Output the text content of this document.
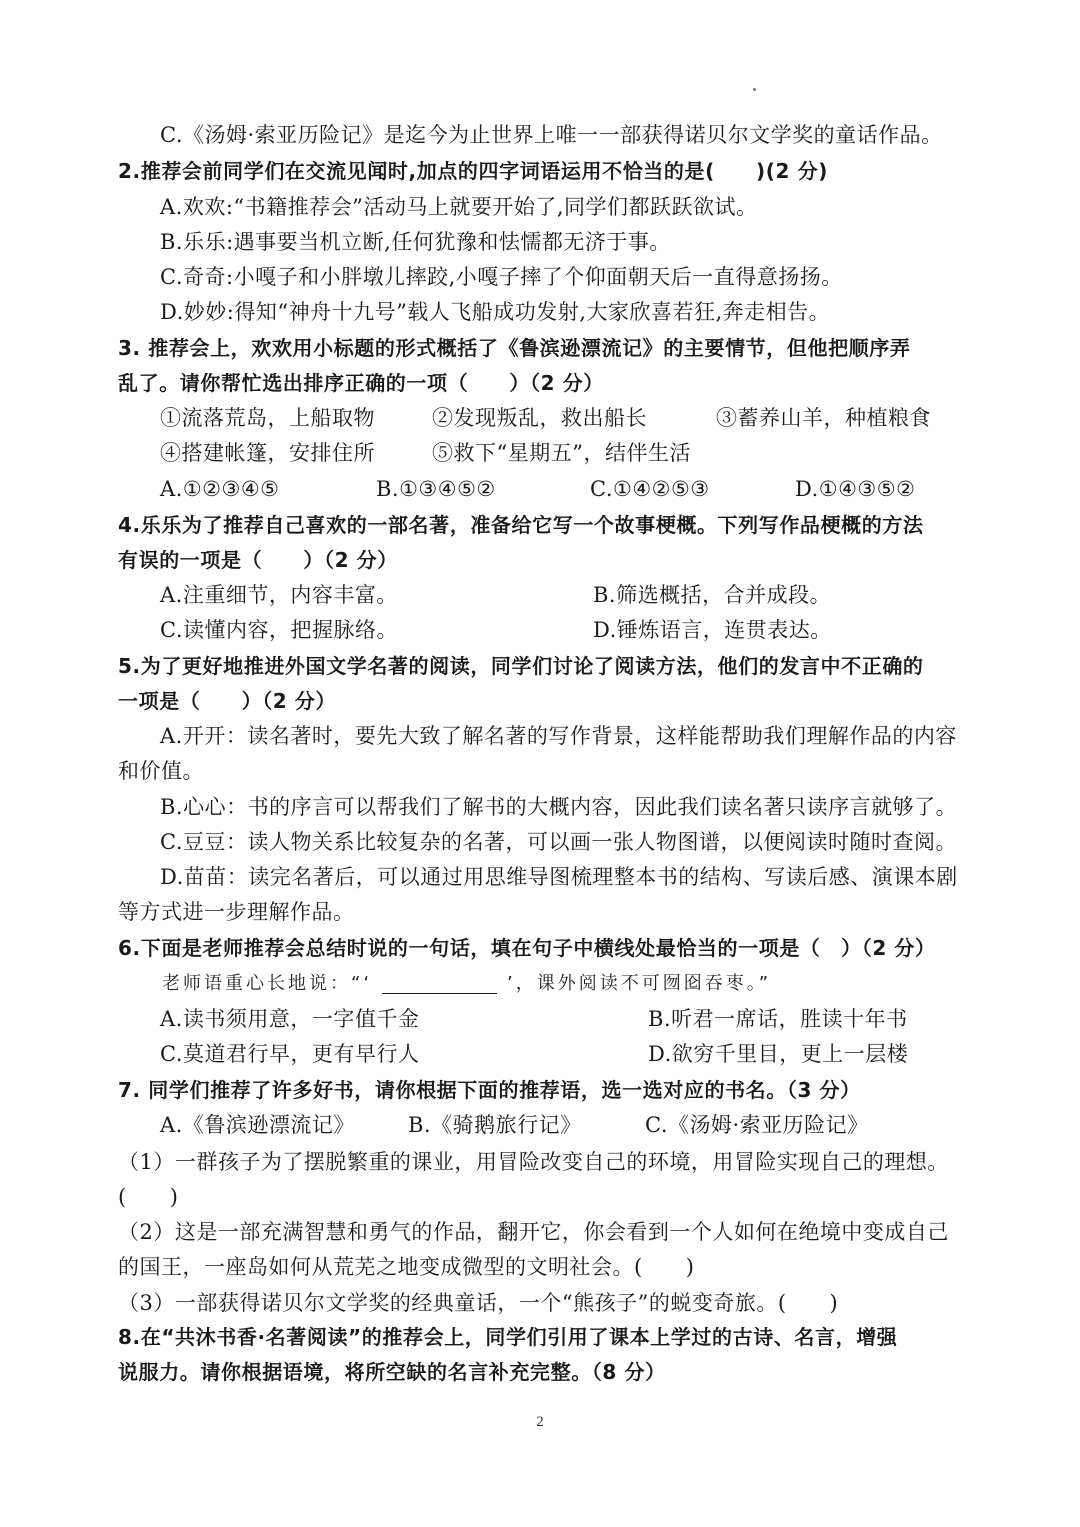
C.《汤姆·索亚历险记》是迄今为止世界上唯一一部获得诺贝尔文学奖的童话作品。
2.推荐会前同学们在交流见闻时,加点的四字词语运用不恰当的是(　　)(2 分)
A.欢欢:“书籍推荐会”活动马上就要开始了,同学们都跃跃欲试。
B.乐乐:遇事要当机立断,任何犹豫和怯懦都无济于事。
C.奇奇:小嘎子和小胖墩儿摔跤,小嘎子摔了个仰面朝天后一直得意扬扬。
D.妙妙:得知“神舟十九号”载人飞船成功发射,大家欣喜若狂,奔走相告。
3. 推荐会上，欢欢用小标题的形式概括了《鲁滨逊漂流记》的主要情节，但他把顺序弄
乱了。请你帮忙选出排序正确的一项（　　）（2 分）
①流落荒岛，上船取物	②发现叛乱，救出船长	③蓄养山羊，种植粮食
④搭建帐篷，安排住所	⑤救下“星期五”，结伴生活
A.①②③④⑤	B.①③④⑤②	C.①④②⑤③	D.①④③⑤②
4.乐乐为了推荐自己喜欢的一部名著，准备给它写一个故事梗概。下列写作品梗概的方法
有误的一项是（　　）（2 分）
A.注重细节，内容丰富。	B.筛选概括，合并成段。
C.读懂内容，把握脉络。	D.锤炼语言，连贯表达。
5.为了更好地推进外国文学名著的阅读，同学们讨论了阅读方法，他们的发言中不正确的
一项是（　　）（2 分）
A.开开：读名著时，要先大致了解名著的写作背景，这样能帮助我们理解作品的内容
和价值。
B.心心：书的序言可以帮我们了解书的大概内容，因此我们读名著只读序言就够了。
C.豆豆：读人物关系比较复杂的名著，可以画一张人物图谱，以便阅读时随时查阅。
D.苗苗：读完名著后，可以通过用思维导图梳理整本书的结构、写读后感、演课本剧
等方式进一步理解作品。
6.下面是老师推荐会总结时说的一句话，填在句子中横线处最恰当的一项是（　）（2 分）
老师语重心长地说：“‘	’，课外阅读不可囫囵吞枣。”
A.读书须用意，一字值千金	B.听君一席话，胜读十年书
C.莫道君行早，更有早行人	D.欲穷千里目，更上一层楼
7. 同学们推荐了许多好书，请你根据下面的推荐语，选一选对应的书名。（3 分）
A.《鲁滨逊漂流记》	B.《骑鹅旅行记》	C.《汤姆·索亚历险记》
（1）一群孩子为了摆脱繁重的课业，用冒险改变自己的环境，用冒险实现自己的理想。
(　　)
（2）这是一部充满智慧和勇气的作品，翻开它，你会看到一个人如何在绝境中变成自己
的国王，一座岛如何从荒芜之地变成微型的文明社会。(　　)
（3）一部获得诺贝尔文学奖的经典童话，一个“熊孩子”的蜕变奇旅。(　　)
8.在“共沐书香·名著阅读”的推荐会上，同学们引用了课本上学过的古诗、名言，增强
说服力。请你根据语境，将所空缺的名言补充完整。（8 分）
2
